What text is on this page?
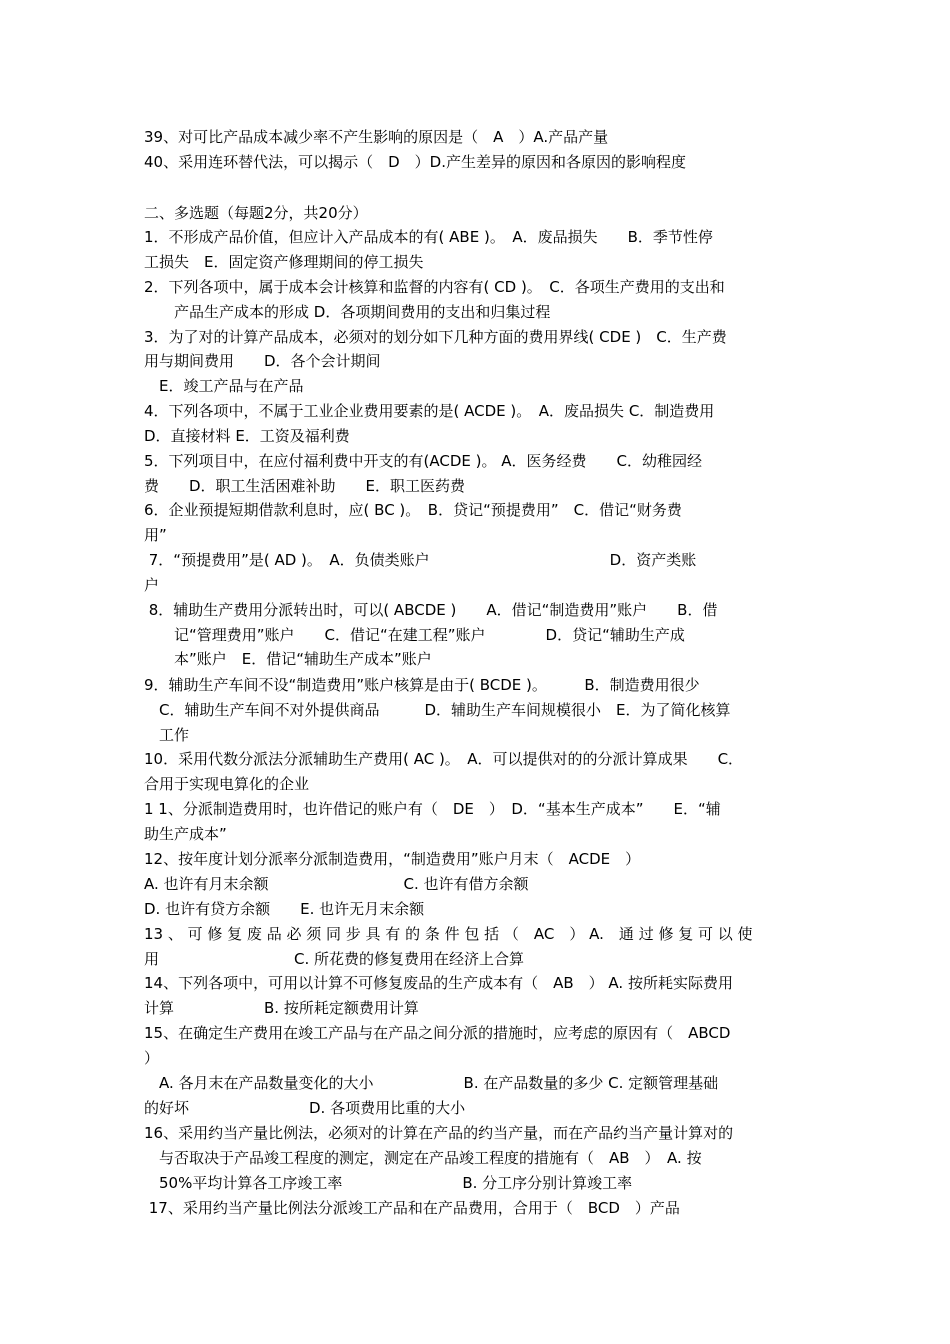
39、对可比产品成本减少率不产生影响的原因是（　A　）A.产品产量
40、采用连环替代法，可以揭示（　D　）D.产生差异的原因和各原因的影响程度
二、多选题（每题2分，共20分）
1．不形成产品价值，但应计入产品成本的有( ABE )。　A．废品损失　　B．季节性停
工损失　E．固定资产修理期间的停工损失
2．下列各项中，属于成本会计核算和监督的内容有( CD )。　C．各项生产费用的支出和
　　产品生产成本的形成 D．各项期间费用的支出和归集过程
3．为了对的计算产品成本，必须对的划分如下几种方面的费用界线( CDE )　C．生产费
用与期间费用　　D．各个会计期间
　E．竣工产品与在产品
4．下列各项中，不属于工业企业费用要素的是( ACDE )。　A．废品损失 C．制造费用
D．直接材料 E．工资及福利费
5．下列项目中，在应付福利费中开支的有(ACDE )。 A．医务经费　　C．幼稚园经
费　　D．职工生活困难补助　　E．职工医药费
6．企业预提短期借款利息时，应( BC )。　B．贷记“预提费用”　C．借记“财务费
用”
7．“预提费用”是( AD )。　A．负债类账户　　　　　　　　　　　　D．资产类账
户
8．辅助生产费用分派转出时，可以( ABCDE )　　A．借记“制造费用”账户　　B．借
　　记“管理费用”账户　　C．借记“在建工程”账户　　　　D．贷记“辅助生产成
　　本”账户　E．借记“辅助生产成本”账户
9．辅助生产车间不设“制造费用”账户核算是由于( BCDE )。　　　B．制造费用很少
　C．辅助生产车间不对外提供商品　　　D．辅助生产车间规模很小　E．为了简化核算
　工作
10．采用代数分派法分派辅助生产费用( AC )。　A．可以提供对的的分派计算成果　　C．
合用于实现电算化的企业
1 1、分派制造费用时，也许借记的账户有（　DE　）　D．“基本生产成本”　　E．“辅
助生产成本”
12、按年度计划分派率分派制造费用，“制造费用”账户月末（　ACDE　）
A. 也许有月末余额　　　　　　　　　C. 也许有借方余额
D. 也许有贷方余额　　E. 也许无月末余额
13 、 可 修 复 废 品 必 须 同 步 具 有 的 条 件 包 括 （　AC　） A.　通 过 修 复 可 以 使
用　　　　　　　　　C. 所花费的修复费用在经济上合算
14、下列各项中，可用以计算不可修复废品的生产成本有（　AB　） A. 按所耗实际费用
计算　　　　　　B. 按所耗定额费用计算
15、在确定生产费用在竣工产品与在产品之间分派的措施时，应考虑的原因有（　ABCD
）
　A. 各月末在产品数量变化的大小　　　　　　B. 在产品数量的多少 C. 定额管理基础
的好坏　　　　　　　　D. 各项费用比重的大小
16、采用约当产量比例法，必须对的计算在产品的约当产量，而在产品约当产量计算对的
　与否取决于产品竣工程度的测定，测定在产品竣工程度的措施有（　AB　）　A. 按
　50%平均计算各工序竣工率　　　　　　　　B. 分工序分别计算竣工率
17、采用约当产量比例法分派竣工产品和在产品费用，合用于（　BCD　）产品
